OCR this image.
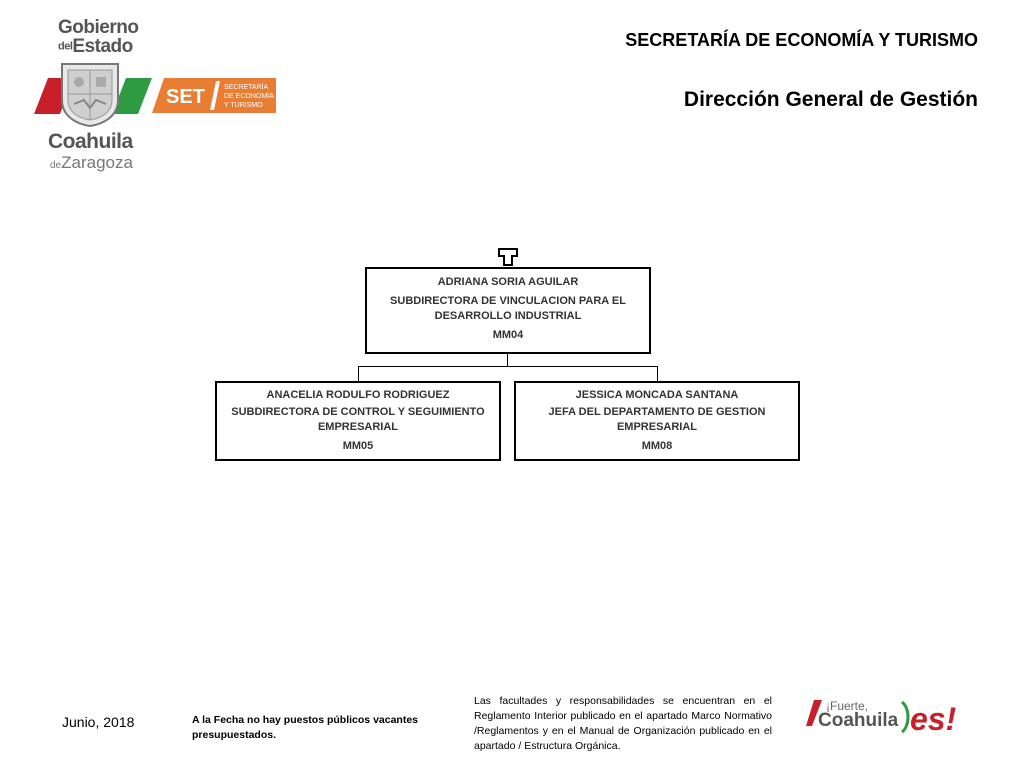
Gobierno
delEstado
SET	SECRETARÍA
DE ECONOMÍA
Y TURISMO
Coahuila
deZaragoza
SECRETARÍA DE ECONOMÍA Y TURISMO
Dirección General de Gestión
ADRIANA SORIA AGUILAR
SUBDIRECTORA DE VINCULACION PARA EL DESARROLLO INDUSTRIAL
MM04
ANACELIA RODULFO RODRIGUEZ
SUBDIRECTORA DE CONTROL Y SEGUIMIENTO EMPRESARIAL
MM05
JESSICA MONCADA SANTANA
JEFA DEL DEPARTAMENTO DE GESTION EMPRESARIAL
MM08
Junio, 2018	A la Fecha no hay puestos públicos vacantes presupuestados.
Las facultades y responsabilidades se encuentran en el Reglamento Interior publicado en el apartado Marco Normativo /Reglamentos y en el Manual de Organización publicado en el apartado / Estructura Orgánica.
¡Fuerte,
Coahuila es!
